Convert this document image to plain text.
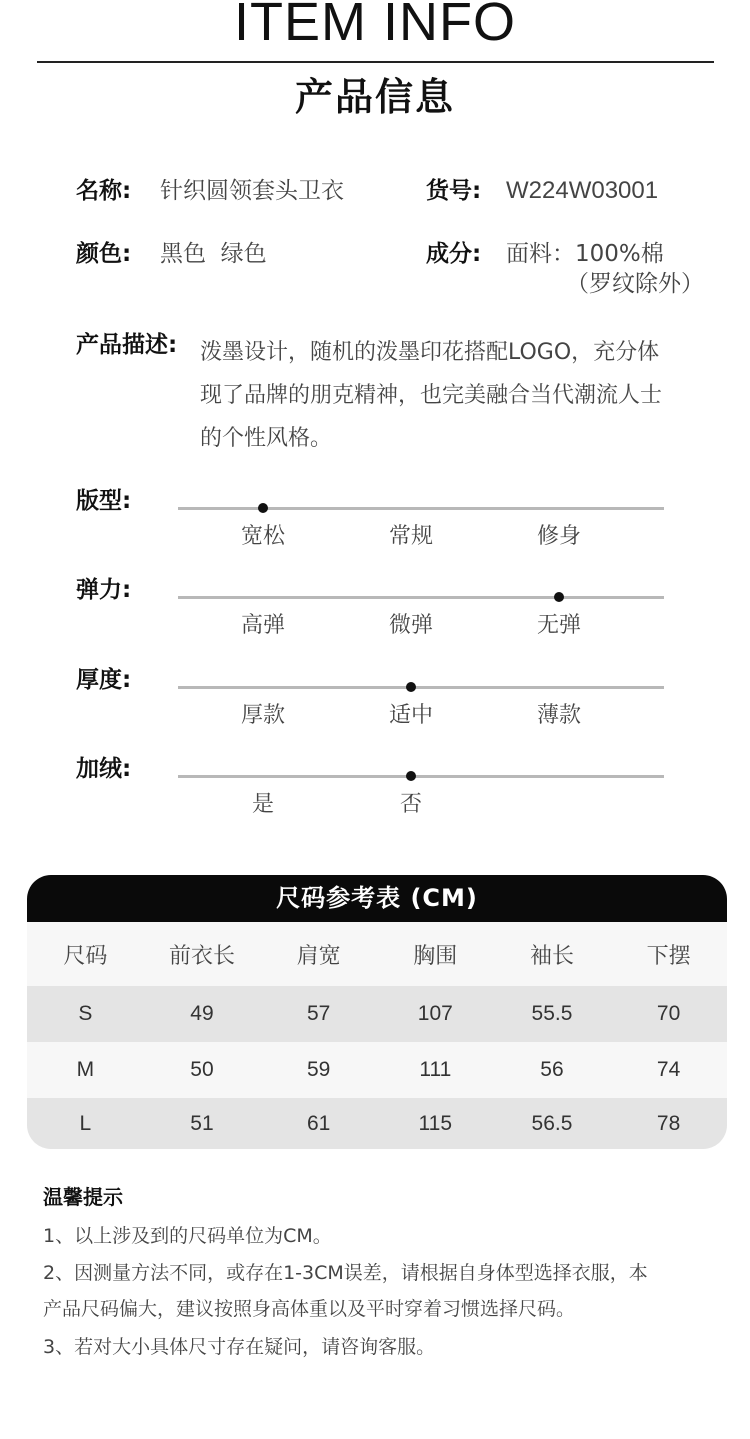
ITEM INFO
产品信息
名称: 针织圆领套头卫衣	货号: W224W03001
颜色: 黑色  绿色	成分: 面料：100%棉
（罗纹除外）
产品描述: 泼墨设计，随机的泼墨印花搭配LOGO，充分体
现了品牌的朋克精神，也完美融合当代潮流人士
的个性风格。
版型:
宽松	常规	修身
弹力:
高弹	微弹	无弹
厚度:
厚款	适中	薄款
加绒:
是	否
尺码参考表 (CM)
尺码	前衣长	肩宽	胸围	袖长	下摆
S	49	57	107	55.5	70
M	50	59	111	56	74
L	51	61	115	56.5	78
温馨提示
1、以上涉及到的尺码单位为CM。
2、因测量方法不同，或存在1-3CM误差，请根据自身体型选择衣服，本
产品尺码偏大，建议按照身高体重以及平时穿着习惯选择尺码。
3、若对大小具体尺寸存在疑问，请咨询客服。
